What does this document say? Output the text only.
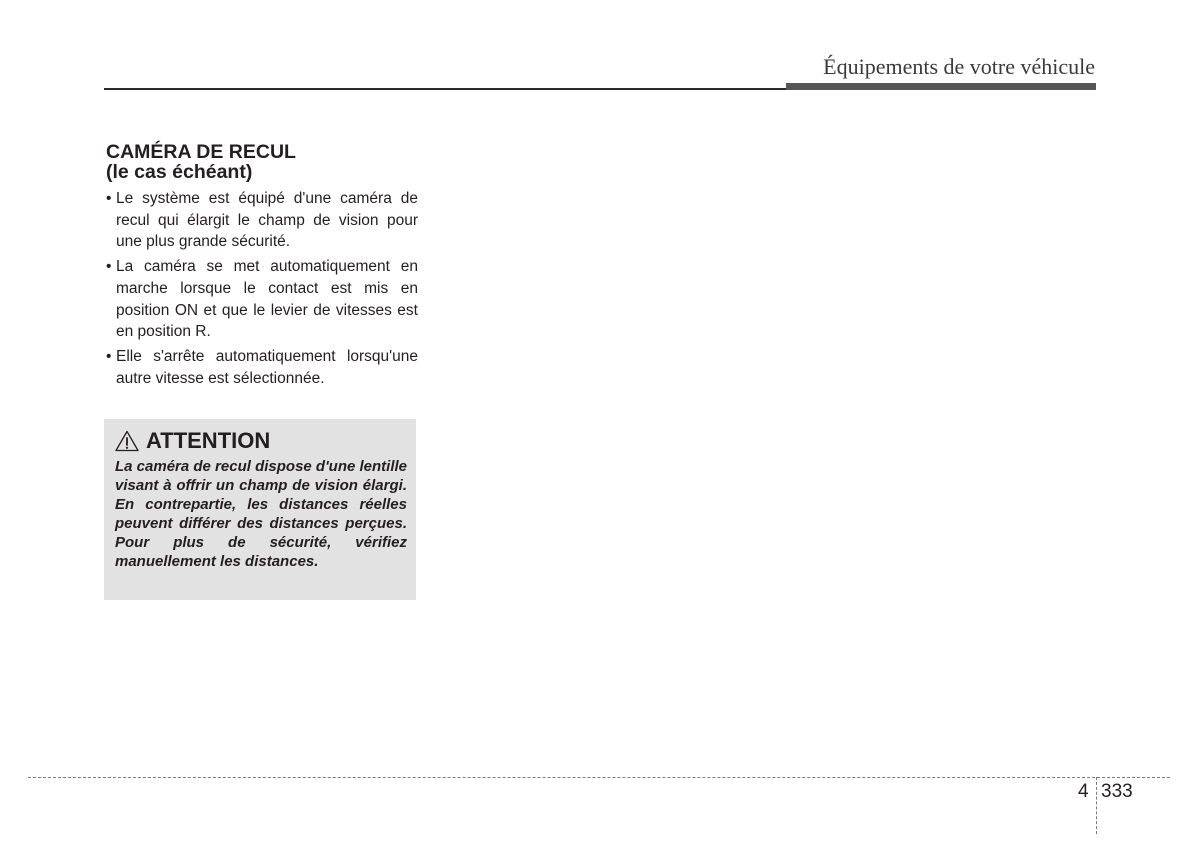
Équipements de votre véhicule
CAMÉRA DE RECUL
(le cas échéant)
• Le système est équipé d'une caméra de recul qui élargit le champ de vision pour une plus grande sécurité.
• La caméra se met automatiquement en marche lorsque le contact est mis en position ON et que le levier de vitesses est en position R.
• Elle s'arrête automatiquement lorsqu'une autre vitesse est sélectionnée.
ATTENTION
La caméra de recul dispose d'une lentille visant à offrir un champ de vision élargi. En contrepartie, les distances réelles peuvent différer des distances perçues. Pour plus de sécurité, vérifiez manuellement les distances.
4 333
